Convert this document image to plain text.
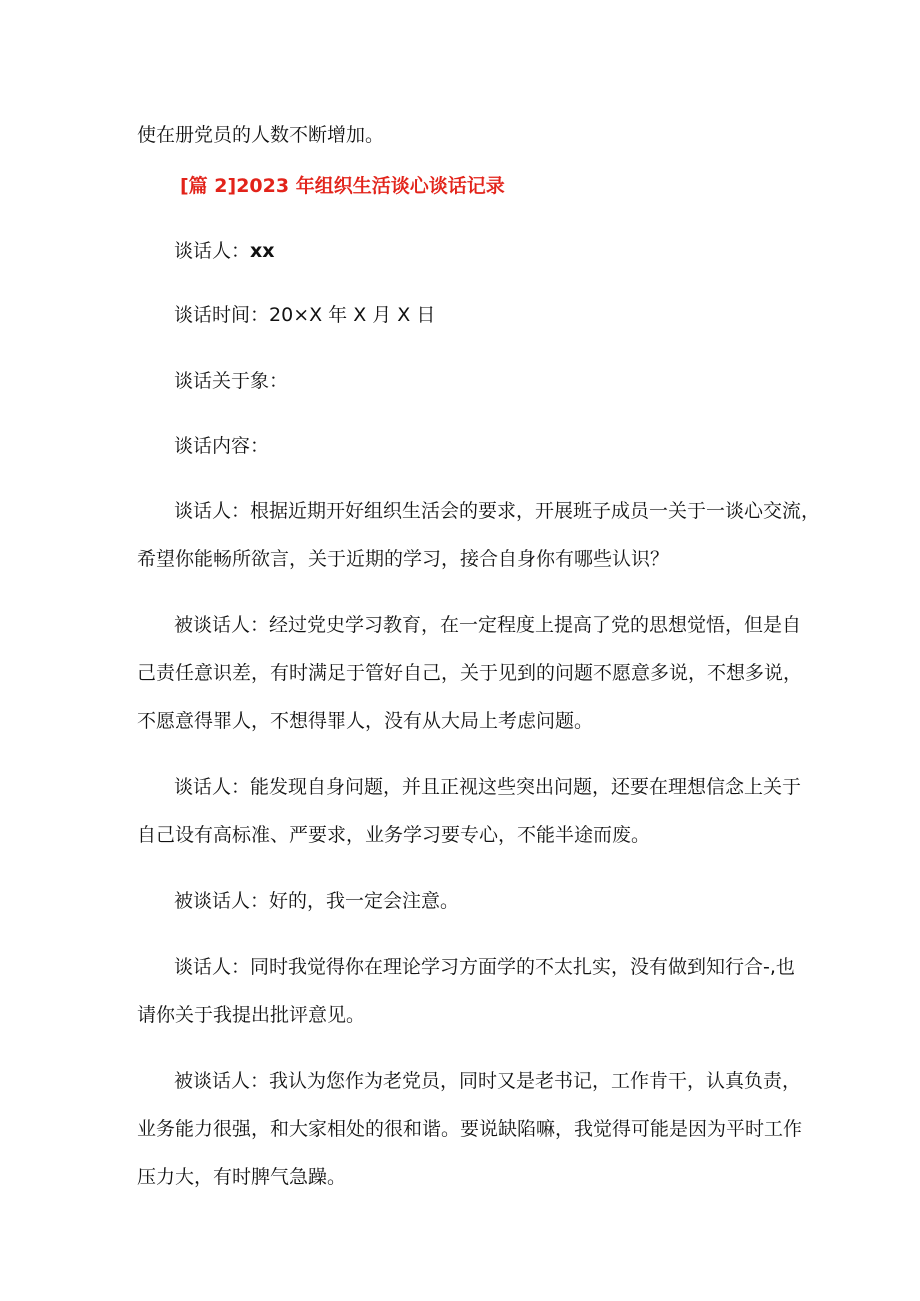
使在册党员的人数不断增加。
[篇 2]2023 年组织生活谈心谈话记录
谈话人：xx
谈话时间：20×X 年 X 月 X 日
谈话关于象：
谈话内容：
谈话人：根据近期开好组织生活会的要求，开展班子成员一关于一谈心交流，
希望你能畅所欲言，关于近期的学习，接合自身你有哪些认识？
被谈话人：经过党史学习教育，在一定程度上提高了党的思想觉悟，但是自
己责任意识差，有时满足于管好自己，关于见到的问题不愿意多说，不想多说，
不愿意得罪人，不想得罪人，没有从大局上考虑问题。
谈话人：能发现自身问题，并且正视这些突出问题，还要在理想信念上关于
自己设有高标准、严要求，业务学习要专心，不能半途而废。
被谈话人：好的，我一定会注意。
谈话人：同时我觉得你在理论学习方面学的不太扎实，没有做到知行合-,也
请你关于我提出批评意见。
被谈话人：我认为您作为老党员，同时又是老书记，工作肯干，认真负责，
业务能力很强，和大家相处的很和谐。要说缺陷嘛，我觉得可能是因为平时工作
压力大，有时脾气急躁。
